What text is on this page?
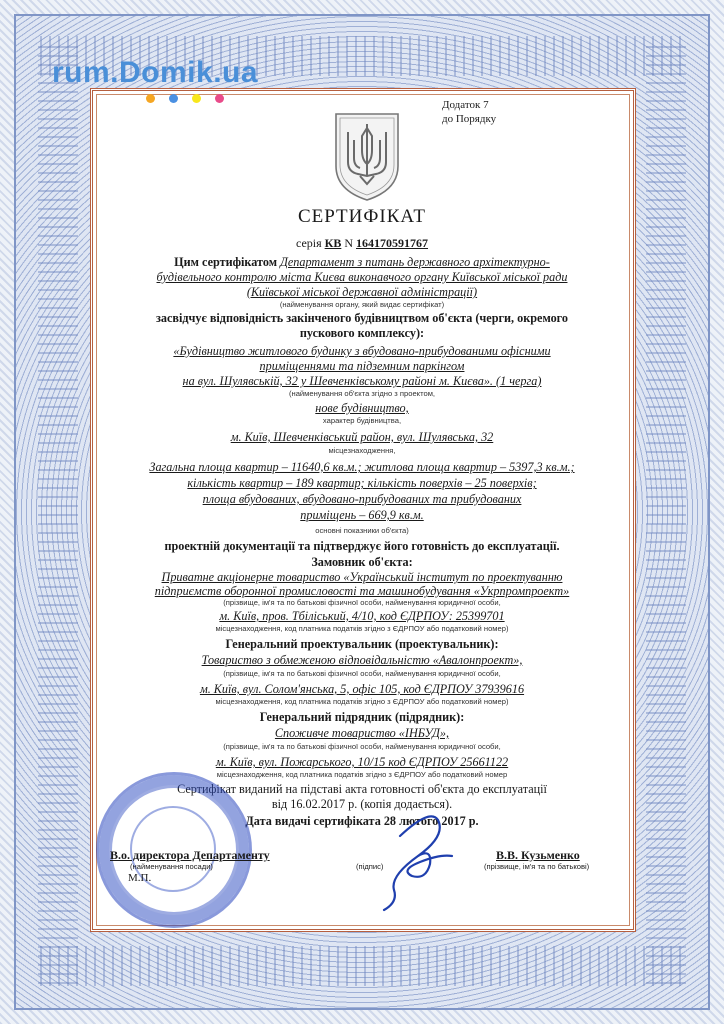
rum.Domik.ua
Додаток 7
до Порядку
СЕРТИФІКАТ
серія КВ N 164170591767
Цим сертифікатом Департамент з питань державного архітектурно-
будівельного контролю міста Києва виконавчого органу Київської міської ради
(Київської міської державної адміністрації)
(найменування органу, який видає сертифікат)
засвідчує відповідність закінченого будівництвом об'єкта (черги, окремого
пускового комплексу):
«Будівництво житлового будинку з вбудовано-прибудованими офісними
приміщеннями та підземним паркінгом
на вул. Шулявській, 32 у Шевченківському районі м. Києва». (1 черга)
(найменування об'єкта згідно з проектом,
нове будівництво,
характер будівництва,
м. Київ, Шевченківський район, вул. Шулявська, 32
місцезнаходження,
Загальна площа квартир – 11640,6 кв.м.; житлова площа квартир – 5397,3 кв.м.;
кількість квартир – 189 квартир; кількість поверхів – 25 поверхів;
площа вбудованих, вбудовано-прибудованих та прибудованих
приміщень – 669,9 кв.м.
основні показники об'єкта)
проектній документації та підтверджує його готовність до експлуатації.
Замовник об'єкта:
Приватне акціонерне товариство «Український інститут по проектуванню
підприємств оборонної промисловості та машинобудування «Укрпромпроект»
(прізвище, ім'я та по батькові фізичної особи, найменування юридичної особи,
м. Київ, пров. Тбіліський, 4/10, код ЄДРПОУ: 25399701
місцезнаходження, код платника податків згідно з ЄДРПОУ або податковий номер)
Генеральний проектувальник (проектувальник):
Товариство з обмеженою відповідальністю «Авалонпроект»,
(прізвище, ім'я та по батькові фізичної особи, найменування юридичної особи,
м. Київ, вул. Солом'янська, 5, офіс 105, код ЄДРПОУ 37939616
місцезнаходження, код платника податків згідно з ЄДРПОУ або податковий номер)
Генеральний підрядник (підрядник):
Споживче товариство «ІНБУД»,
(прізвище, ім'я та по батькові фізичної особи, найменування юридичної особи,
м. Київ, вул. Пожарського, 10/15 код ЄДРПОУ 25661122
місцезнаходження, код платника податків згідно з ЄДРПОУ або податковий номер
Сертифікат виданий на підставі акта готовності об'єкта до експлуатації
від 16.02.2017 р. (копія додається).
Дата видачі сертифіката 28 лютого 2017 р.
В.о. директора Департаменту
(найменування посади)
М.П.
(підпис)
В.В. Кузьменко
(прізвище, ім'я та по батькові)
